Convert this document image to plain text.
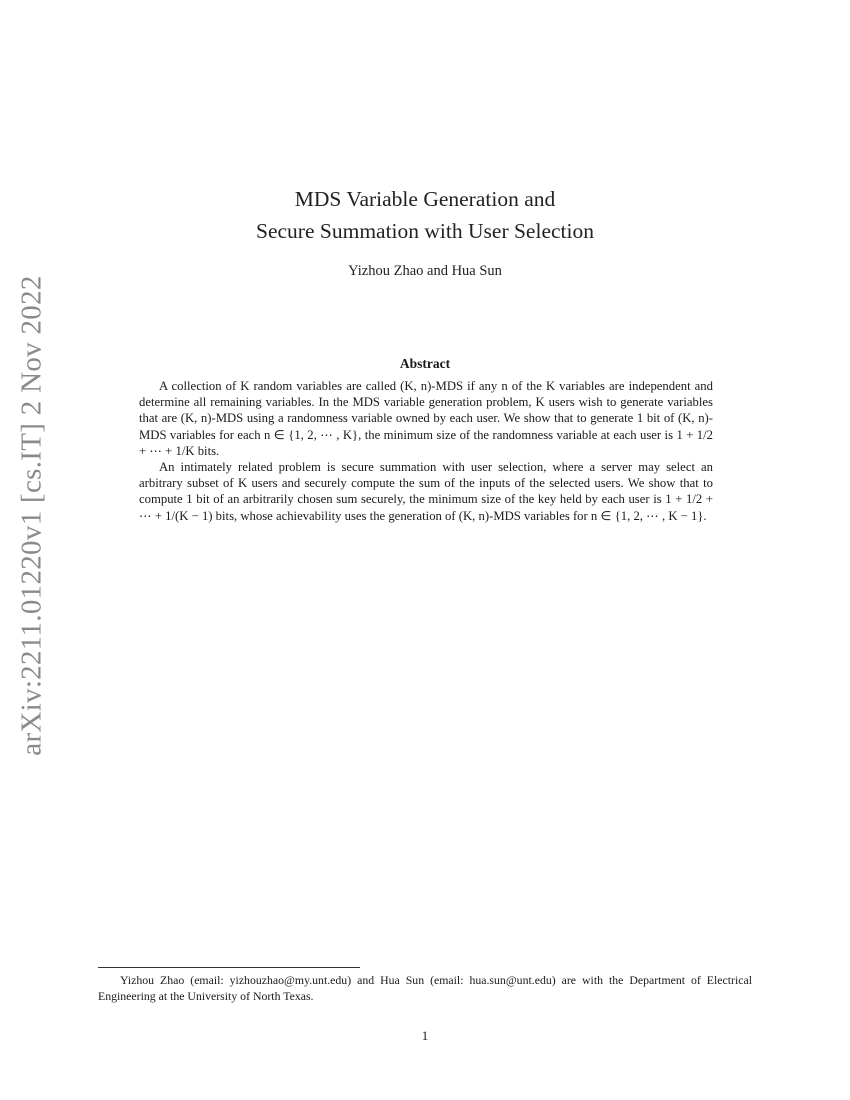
arXiv:2211.01220v1 [cs.IT] 2 Nov 2022
MDS Variable Generation and
Secure Summation with User Selection
Yizhou Zhao and Hua Sun
Abstract

A collection of K random variables are called (K, n)-MDS if any n of the K variables are independent and determine all remaining variables. In the MDS variable generation problem, K users wish to generate variables that are (K, n)-MDS using a randomness variable owned by each user. We show that to generate 1 bit of (K, n)-MDS variables for each n ∈ {1, 2, ⋯ , K}, the minimum size of the randomness variable at each user is 1 + 1/2 + ⋯ + 1/K bits.

An intimately related problem is secure summation with user selection, where a server may select an arbitrary subset of K users and securely compute the sum of the inputs of the selected users. We show that to compute 1 bit of an arbitrarily chosen sum securely, the minimum size of the key held by each user is 1 + 1/2 + ⋯ + 1/(K − 1) bits, whose achievability uses the generation of (K, n)-MDS variables for n ∈ {1, 2, ⋯ , K − 1}.

Yizhou Zhao (email: yizhouzhao@my.unt.edu) and Hua Sun (email: hua.sun@unt.edu) are with the Department of Electrical Engineering at the University of North Texas.

1
